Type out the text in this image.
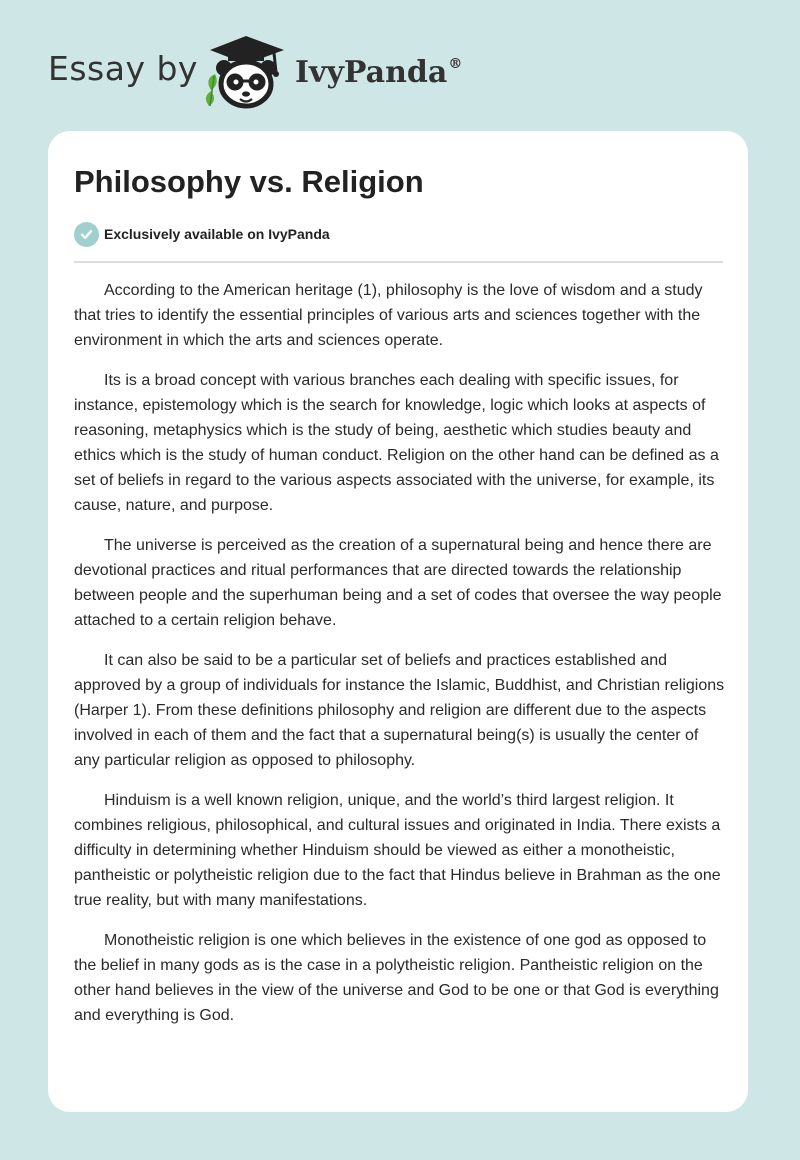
Essay by	IvyPanda®
Philosophy vs. Religion
Exclusively available on IvyPanda

According to the American heritage (1), philosophy is the love of wisdom and a study that tries to identify the essential principles of various arts and sciences together with the environment in which the arts and sciences operate.

Its is a broad concept with various branches each dealing with specific issues, for instance, epistemology which is the search for knowledge, logic which looks at aspects of reasoning, metaphysics which is the study of being, aesthetic which studies beauty and ethics which is the study of human conduct. Religion on the other hand can be defined as a set of beliefs in regard to the various aspects associated with the universe, for example, its cause, nature, and purpose.

The universe is perceived as the creation of a supernatural being and hence there are devotional practices and ritual performances that are directed towards the relationship between people and the superhuman being and a set of codes that oversee the way people attached to a certain religion behave.

It can also be said to be a particular set of beliefs and practices established and approved by a group of individuals for instance the Islamic, Buddhist, and Christian religions (Harper 1). From these definitions philosophy and religion are different due to the aspects involved in each of them and the fact that a supernatural being(s) is usually the center of any particular religion as opposed to philosophy.

Hinduism is a well known religion, unique, and the world’s third largest religion. It combines religious, philosophical, and cultural issues and originated in India. There exists a difficulty in determining whether Hinduism should be viewed as either a monotheistic, pantheistic or polytheistic religion due to the fact that Hindus believe in Brahman as the one true reality, but with many manifestations.

Monotheistic religion is one which believes in the existence of one god as opposed to the belief in many gods as is the case in a polytheistic religion. Pantheistic religion on the other hand believes in the view of the universe and God to be one or that God is everything and everything is God.
